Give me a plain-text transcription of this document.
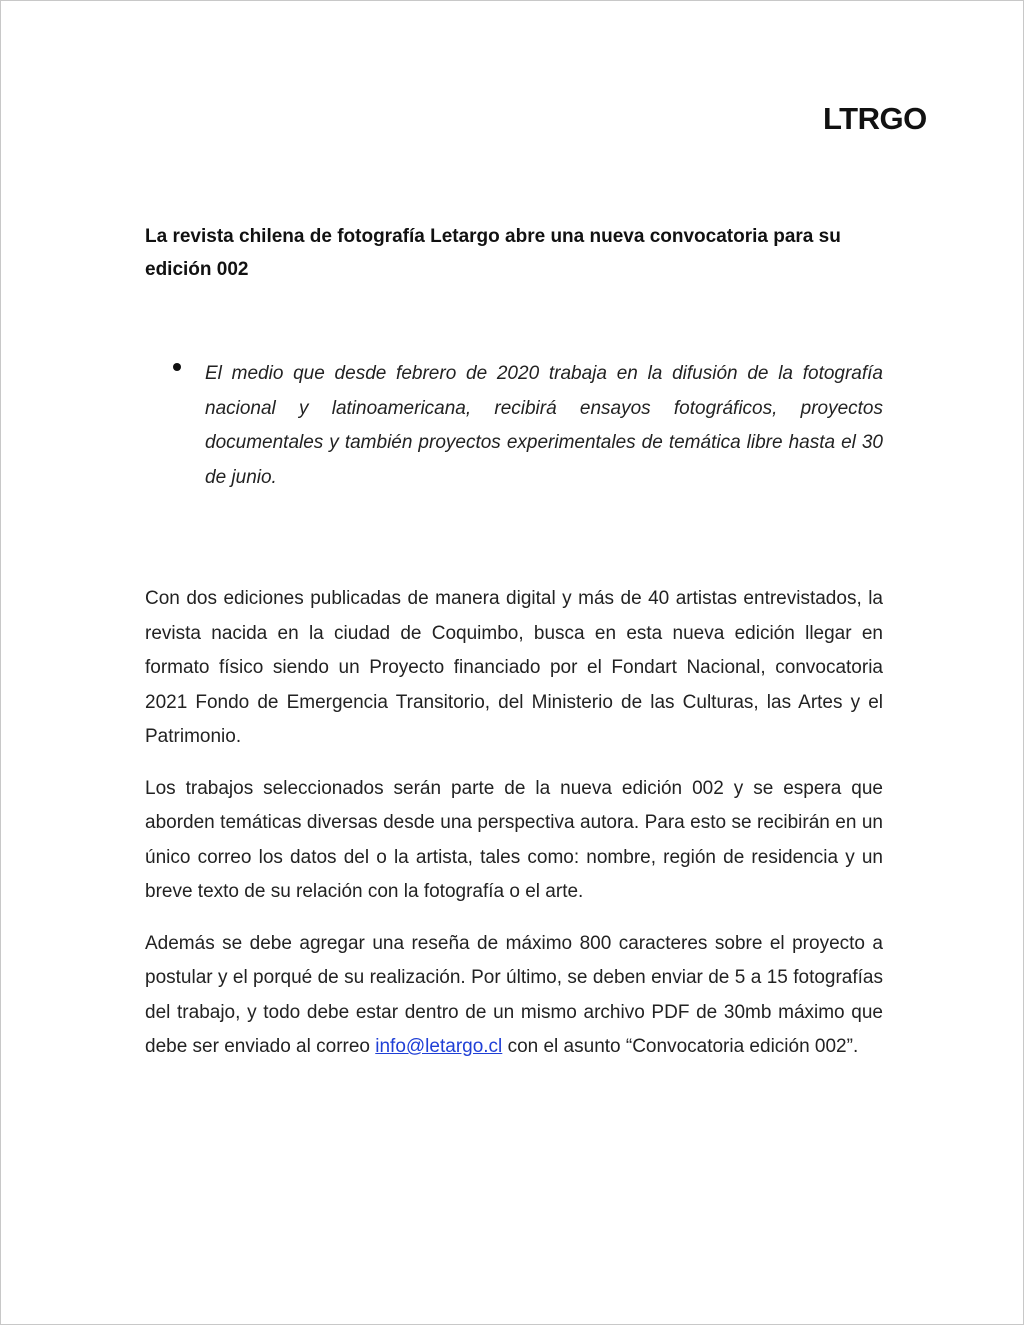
LTRGO
La revista chilena de fotografía Letargo abre una nueva convocatoria para su edición 002

El medio que desde febrero de 2020 trabaja en la difusión de la fotografía nacional y latinoamericana, recibirá ensayos fotográficos, proyectos documentales y también proyectos experimentales de temática libre hasta el 30 de junio.

Con dos ediciones publicadas de manera digital y más de 40 artistas entrevistados, la revista nacida en la ciudad de Coquimbo, busca en esta nueva edición llegar en formato físico siendo un Proyecto financiado por el Fondart Nacional, convocatoria 2021 Fondo de Emergencia Transitorio, del Ministerio de las Culturas, las Artes y el Patrimonio.

Los trabajos seleccionados serán parte de la nueva edición 002 y se espera que aborden temáticas diversas desde una perspectiva autora. Para esto se recibirán en un único correo los datos del o la artista, tales como: nombre, región de residencia y un breve texto de su relación con la fotografía o el arte.

Además se debe agregar una reseña de máximo 800 caracteres sobre el proyecto a postular y el porqué de su realización. Por último, se deben enviar de 5 a 15 fotografías del trabajo, y todo debe estar dentro de un mismo archivo PDF de 30mb máximo que debe ser enviado al correo info@letargo.cl con el asunto “Convocatoria edición 002”.
